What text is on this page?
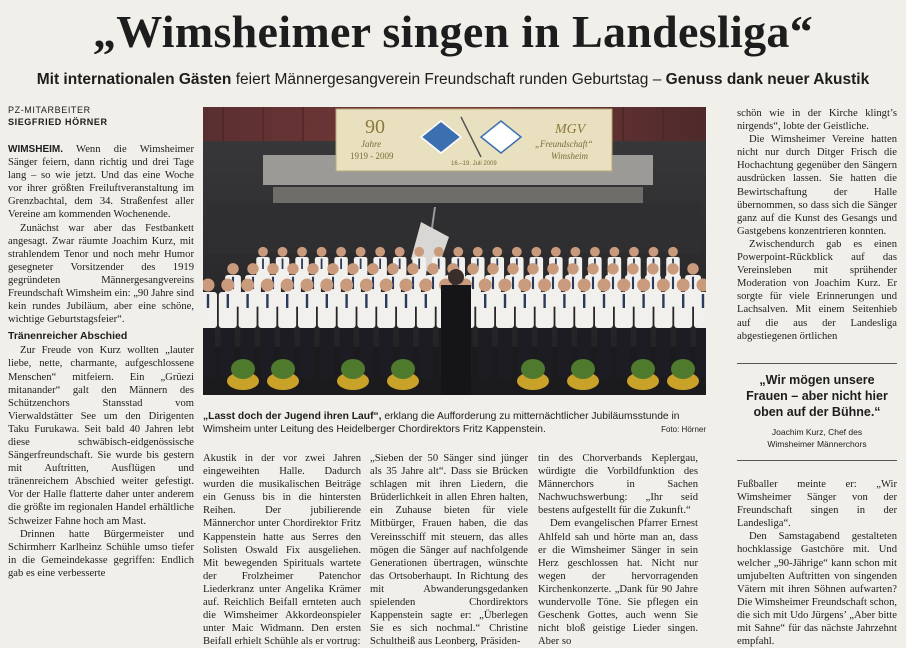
„Wimsheimer singen in Landesliga“
Mit internationalen Gästen feiert Männergesangverein Freundschaft runden Geburtstag – Genuss dank neuer Akustik
PZ-MITARBEITER
SIEGFRIED HÖRNER

WIMSHEIM. Wenn die Wimsheimer Sänger feiern, dann richtig und drei Tage lang – so wie jetzt. Und das eine Woche vor ihrer größten Freiluftveranstaltung im Grenzbachtal, dem 34. Straßenfest aller Vereine am kommenden Wochenende.

Zunächst war aber das Festbankett angesagt. Zwar räumte Joachim Kurz, mit strahlendem Tenor und noch mehr Humor gesegneter Vorsitzender des 1919 gegründeten Männergesangvereins Freundschaft Wimsheim ein: „90 Jahre sind kein rundes Jubiläum, aber eine schöne, wichtige Geburtstagsfeier“.

Tränenreicher Abschied

Zur Freude von Kurz wollten „lauter liebe, nette, charmante, aufgeschlossene Menschen“ mitfeiern. Ein „Grüezi mitanander“ galt den Männern des Schützenchors Stansstad vom Vierwaldstätter See um den Dirigenten Taku Furukawa. Seit bald 40 Jahren lebt diese schwäbisch-eidgenössische Sängerfreundschaft. Sie wurde bis gestern mit Auftritten, Ausflügen und tränenreichem Abschied weiter gefestigt. Vor der Halle flatterte daher unter anderem die größte im regionalen Handel erhältliche Schweizer Fahne hoch am Mast.

Drinnen hatte Bürgermeister und Schirmherr Karlheinz Schühle umso tiefer in die Gemeindekasse gegriffen: Endlich gab es eine verbesserte

90
Jahre
1919 - 2009
16.–19. Juli 2009
MGV
„Freundschaft“
Wimsheim
„Lasst doch der Jugend ihren Lauf“, erklang die Aufforderung zu mitternächtlicher Jubiläumsstunde in Wimsheim unter Leitung des Heidelberger Chordirektors Fritz Kappenstein.	Foto: Hörner

Akustik in der vor zwei Jahren eingeweihten Halle. Dadurch wurden die musikalischen Beiträge ein Genuss bis in die hintersten Reihen. Der jubilierende Männerchor unter Chordirektor Fritz Kappenstein hatte aus Serres den Solisten Oswald Fix ausgeliehen. Mit bewegenden Spirituals wartete der Frolzheimer Patenchor Liederkranz unter Angelika Krämer auf. Reichlich Beifall ernteten auch die Wimsheimer Akkordeonspieler unter Maic Widmann. Den ersten Beifall erhielt Schühle als er vortrug:

„Sieben der 50 Sänger sind jünger als 35 Jahre alt“. Dass sie Brücken schlagen mit ihren Liedern, die Brüderlichkeit in allen Ehren halten, ein Zuhause bieten für viele Mitbürger, Frauen haben, die das Vereinsschiff mit steuern, das alles mögen die Sänger auf nachfolgende Generationen übertragen, wünschte das Ortsoberhaupt. In Richtung des mit Abwanderungsgedanken spielenden Chordirektors Kappenstein sagte er: „Überlegen Sie es sich nochmal.“ Christine Schultheiß aus Leonberg, Präsiden-

tin des Chorverbands Keplergau, würdigte die Vorbildfunktion des Männerchors in Sachen Nachwuchswerbung: „Ihr seid bestens aufgestellt für die Zukunft.“

Dem evangelischen Pfarrer Ernest Ahlfeld sah und hörte man an, dass er die Wimsheimer Sänger in sein Herz geschlossen hat. Nicht nur wegen der hervorragenden Kirchenkonzerte. „Dank für 90 Jahre wundervolle Töne. Sie pflegen ein Geschenk Gottes, auch wenn Sie nicht bloß geistige Lieder singen. Aber so

schön wie in der Kirche klingt’s nirgends“, lobte der Geistliche.

Die Wimsheimer Vereine hatten nicht nur durch Ditger Frisch die Hochachtung gegenüber den Sängern ausdrücken lassen. Sie hatten die Bewirtschaftung der Halle übernommen, so dass sich die Sänger ganz auf die Kunst des Gesangs und Gastgebens konzentrieren konnten.

Zwischendurch gab es einen Powerpoint-Rückblick auf das Vereinsleben mit sprühender Moderation von Joachim Kurz. Er sorgte für viele Erinnerungen und Lachsalven. Mit einem Seitenhieb auf die aus der Landesliga abgestiegenen örtlichen

„Wir mögen unsere Frauen – aber nicht hier oben auf der Bühne.“
Joachim Kurz, Chef des
Wimsheimer Männerchors

Fußballer meinte er: „Wir Wimsheimer Sänger von der Freundschaft singen in der Landesliga“.

Den Samstagabend gestalteten hochklassige Gastchöre mit. Und welcher „90-Jährige“ kann schon mit umjubelten Auftritten von singenden Vätern mit ihren Söhnen aufwarten? Die Wimsheimer Freundschaft schon, die sich mit Udo Jürgens’ „Aber bitte mit Sahne“ für das nächste Jahrzehnt empfahl.
